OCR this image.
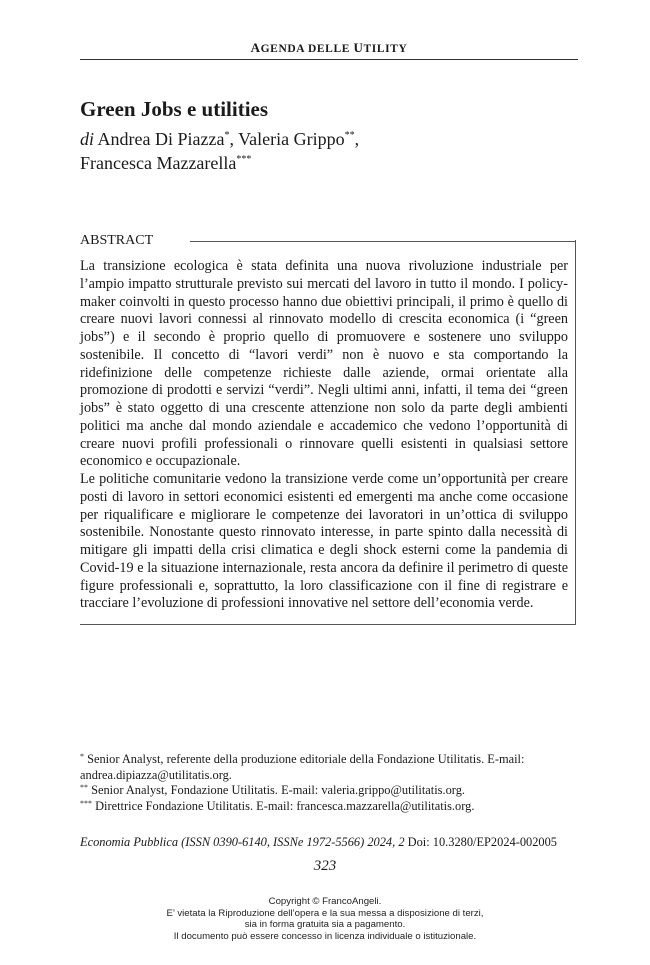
AGENDA DELLE UTILITY
Green Jobs e utilities
di Andrea Di Piazza*, Valeria Grippo**,
Francesca Mazzarella***
ABSTRACT

La transizione ecologica è stata definita una nuova rivoluzione industriale per l’ampio impatto strutturale previsto sui mercati del lavoro in tutto il mondo. I policy-maker coinvolti in questo processo hanno due obiettivi principali, il primo è quello di creare nuovi lavori connessi al rinnovato modello di crescita economica (i “green jobs”) e il secondo è proprio quello di promuovere e sostenere uno sviluppo sostenibile. Il concetto di “lavori verdi” non è nuovo e sta comportando la ridefinizione delle competenze richieste dalle aziende, ormai orientate alla promozione di prodotti e servizi “verdi”. Negli ultimi anni, infatti, il tema dei “green jobs” è stato oggetto di una crescente attenzione non solo da parte degli ambienti politici ma anche dal mondo aziendale e accademico che vedono l’opportunità di creare nuovi profili professionali o rinnovare quelli esistenti in qualsiasi settore economico e occupazionale.

Le politiche comunitarie vedono la transizione verde come un’opportunità per creare posti di lavoro in settori economici esistenti ed emergenti ma anche come occasione per riqualificare e migliorare le competenze dei lavoratori in un’ottica di sviluppo sostenibile. Nonostante questo rinnovato interesse, in parte spinto dalla necessità di mitigare gli impatti della crisi climatica e degli shock esterni come la pandemia di Covid-19 e la situazione internazionale, resta ancora da definire il perimetro di queste figure professionali e, soprattutto, la loro classificazione con il fine di registrare e tracciare l’evoluzione di professioni innovative nel settore dell’economia verde.

* Senior Analyst, referente della produzione editoriale della Fondazione Utilitatis. E-mail: andrea.dipiazza@utilitatis.org.

** Senior Analyst, Fondazione Utilitatis. E-mail: valeria.grippo@utilitatis.org.

*** Direttrice Fondazione Utilitatis. E-mail: francesca.mazzarella@utilitatis.org.

Economia Pubblica (ISSN 0390-6140, ISSNe 1972-5566) 2024, 2 Doi: 10.3280/EP2024-002005
323
Copyright © FrancoAngeli.
E’ vietata la Riproduzione dell’opera e la sua messa a disposizione di terzi,
sia in forma gratuita sia a pagamento.
Il documento può essere concesso in licenza individuale o istituzionale.
